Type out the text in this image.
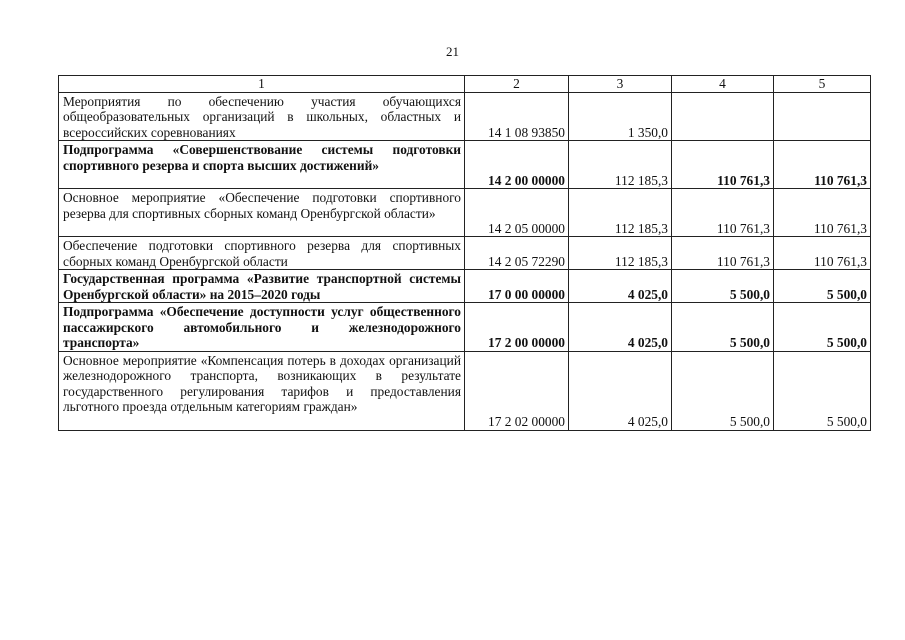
21
1	2	3	4	5
Мероприятия по обеспечению участия обучающихся общеобразовательных организаций в школьных, областных и всероссийских соревнованиях	14 1 08 93850	1 350,0		
Подпрограмма «Совершенствование системы подготовки спортивного резерва и спорта высших достижений»	14 2 00 00000	112 185,3	110 761,3	110 761,3
Основное мероприятие «Обеспечение подготовки спортивного резерва для спортивных сборных команд Оренбургской области»	14 2 05 00000	112 185,3	110 761,3	110 761,3
Обеспечение подготовки спортивного резерва для спортивных сборных команд Оренбургской области	14 2 05 72290	112 185,3	110 761,3	110 761,3
Государственная программа «Развитие транспортной системы Оренбургской области» на 2015–2020 годы	17 0 00 00000	4 025,0	5 500,0	5 500,0
Подпрограмма «Обеспечение доступности услуг общественного пассажирского автомобильного и железнодорожного транспорта»	17 2 00 00000	4 025,0	5 500,0	5 500,0
Основное мероприятие «Компенсация потерь в доходах организаций железнодорожного транспорта, возникающих в результате государственного регулирования тарифов и предоставления льготного проезда отдельным категориям граждан»	17 2 02 00000	4 025,0	5 500,0	5 500,0
